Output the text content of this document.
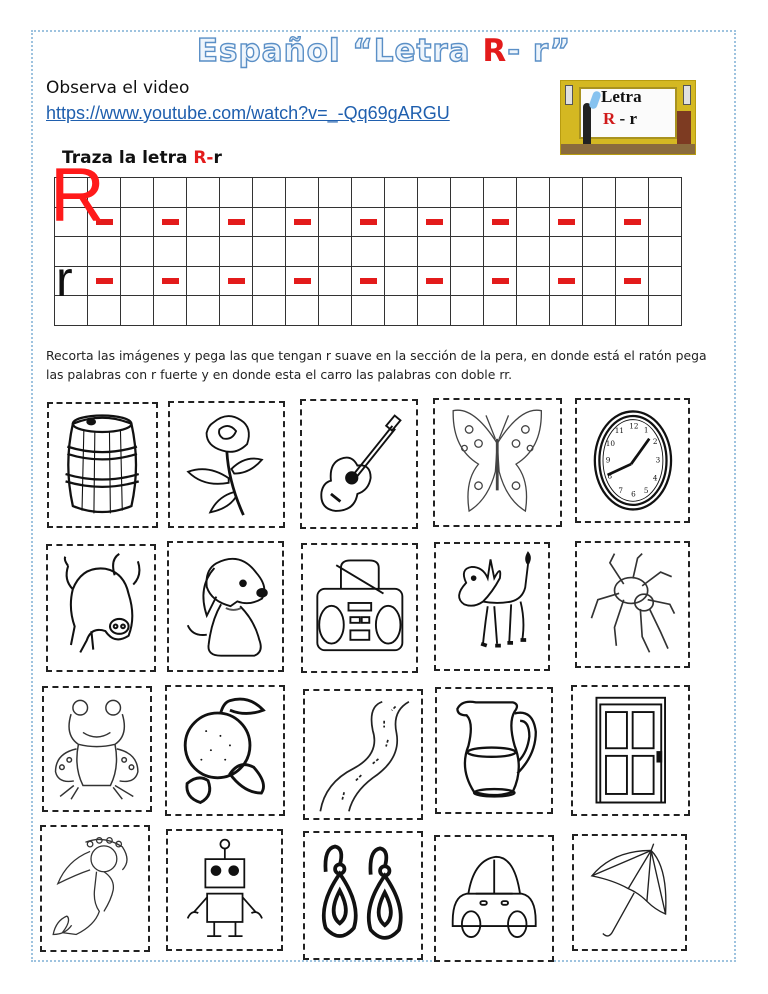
Español “Letra R- r”
Observa el video
https://www.youtube.com/watch?v=_-Qq69gARGU
Letra
R - r
Traza la letra R-r

R
r
Recorta las imágenes y pega las que tengan r suave en la sección de la pera, en donde está el ratón pega las palabras con r fuerte y en donde esta el carro las palabras con doble rr.
12 1
2
3
4
5
6
7
8
9
10
11
